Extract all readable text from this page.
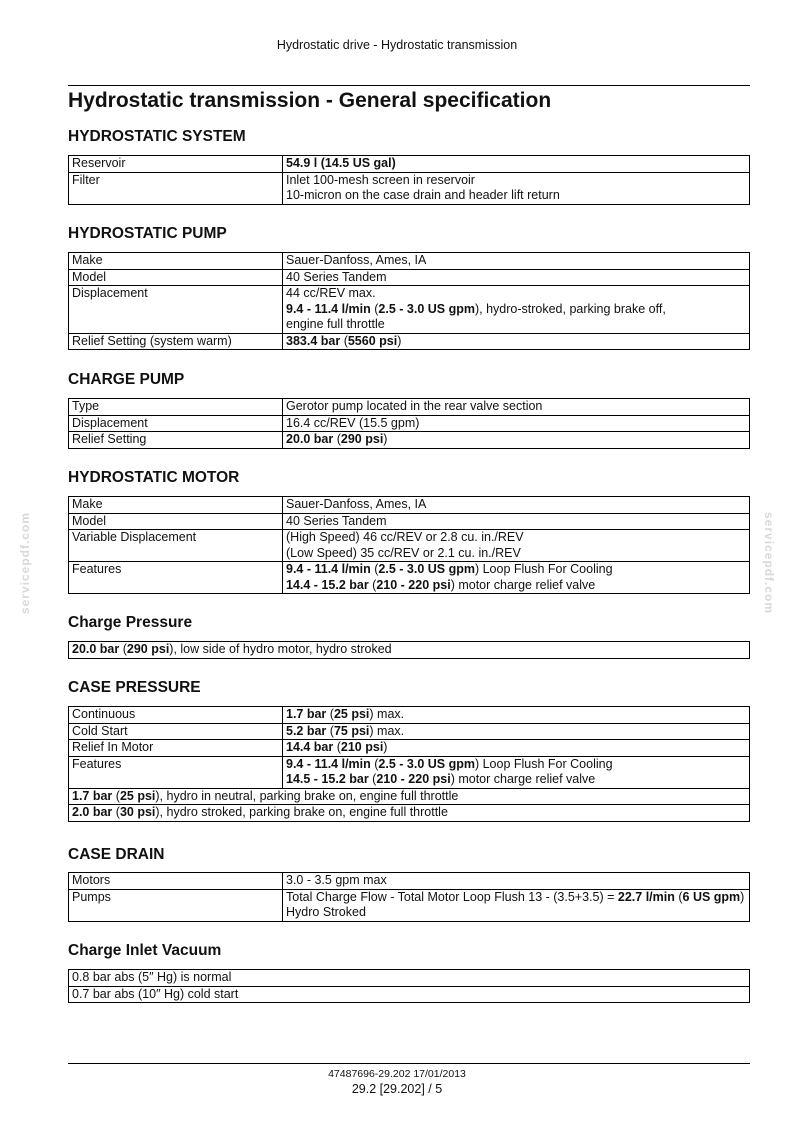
Hydrostatic drive - Hydrostatic transmission
Hydrostatic transmission - General specification
servicepdf.com	servicepdf.com
HYDROSTATIC SYSTEM
Reservoir	54.9 l (14.5 US gal)

Filter	Inlet 100-mesh screen in reservoir
10-micron on the case drain and header lift return
HYDROSTATIC PUMP
Make	Sauer-Danfoss, Ames, IA

Model	40 Series Tandem

Displacement	44 cc/REV max.
9.4 - 11.4 l/min (2.5 - 3.0 US gpm), hydro-stroked, parking brake off,
engine full throttle

Relief Setting (system warm)	383.4 bar (5560 psi)
CHARGE PUMP
Type	Gerotor pump located in the rear valve section

Displacement	16.4 cc/REV (15.5 gpm)

Relief Setting	20.0 bar (290 psi)
HYDROSTATIC MOTOR
Make	Sauer-Danfoss, Ames, IA

Model	40 Series Tandem

Variable Displacement	(High Speed) 46 cc/REV or 2.8 cu. in./REV
(Low Speed) 35 cc/REV or 2.1 cu. in./REV

Features	9.4 - 11.4 l/min (2.5 - 3.0 US gpm) Loop Flush For Cooling
14.4 - 15.2 bar (210 - 220 psi) motor charge relief valve
Charge Pressure
20.0 bar (290 psi), low side of hydro motor, hydro stroked
CASE PRESSURE
Continuous	1.7 bar (25 psi) max.

Cold Start	5.2 bar (75 psi) max.

Relief In Motor	14.4 bar (210 psi)

Features	9.4 - 11.4 l/min (2.5 - 3.0 US gpm) Loop Flush For Cooling
14.5 - 15.2 bar (210 - 220 psi) motor charge relief valve

1.7 bar (25 psi), hydro in neutral, parking brake on, engine full throttle	

2.0 bar (30 psi), hydro stroked, parking brake on, engine full throttle	
CASE DRAIN
Motors	3.0 - 3.5 gpm max

Pumps	Total Charge Flow - Total Motor Loop Flush 13 - (3.5+3.5) = 22.7 l/min (6 US gpm) Hydro Stroked
Charge Inlet Vacuum
0.8 bar abs (5″ Hg) is normal

0.7 bar abs (10″ Hg) cold start
47487696-29.202 17/01/2013
29.2 [29.202] / 5
